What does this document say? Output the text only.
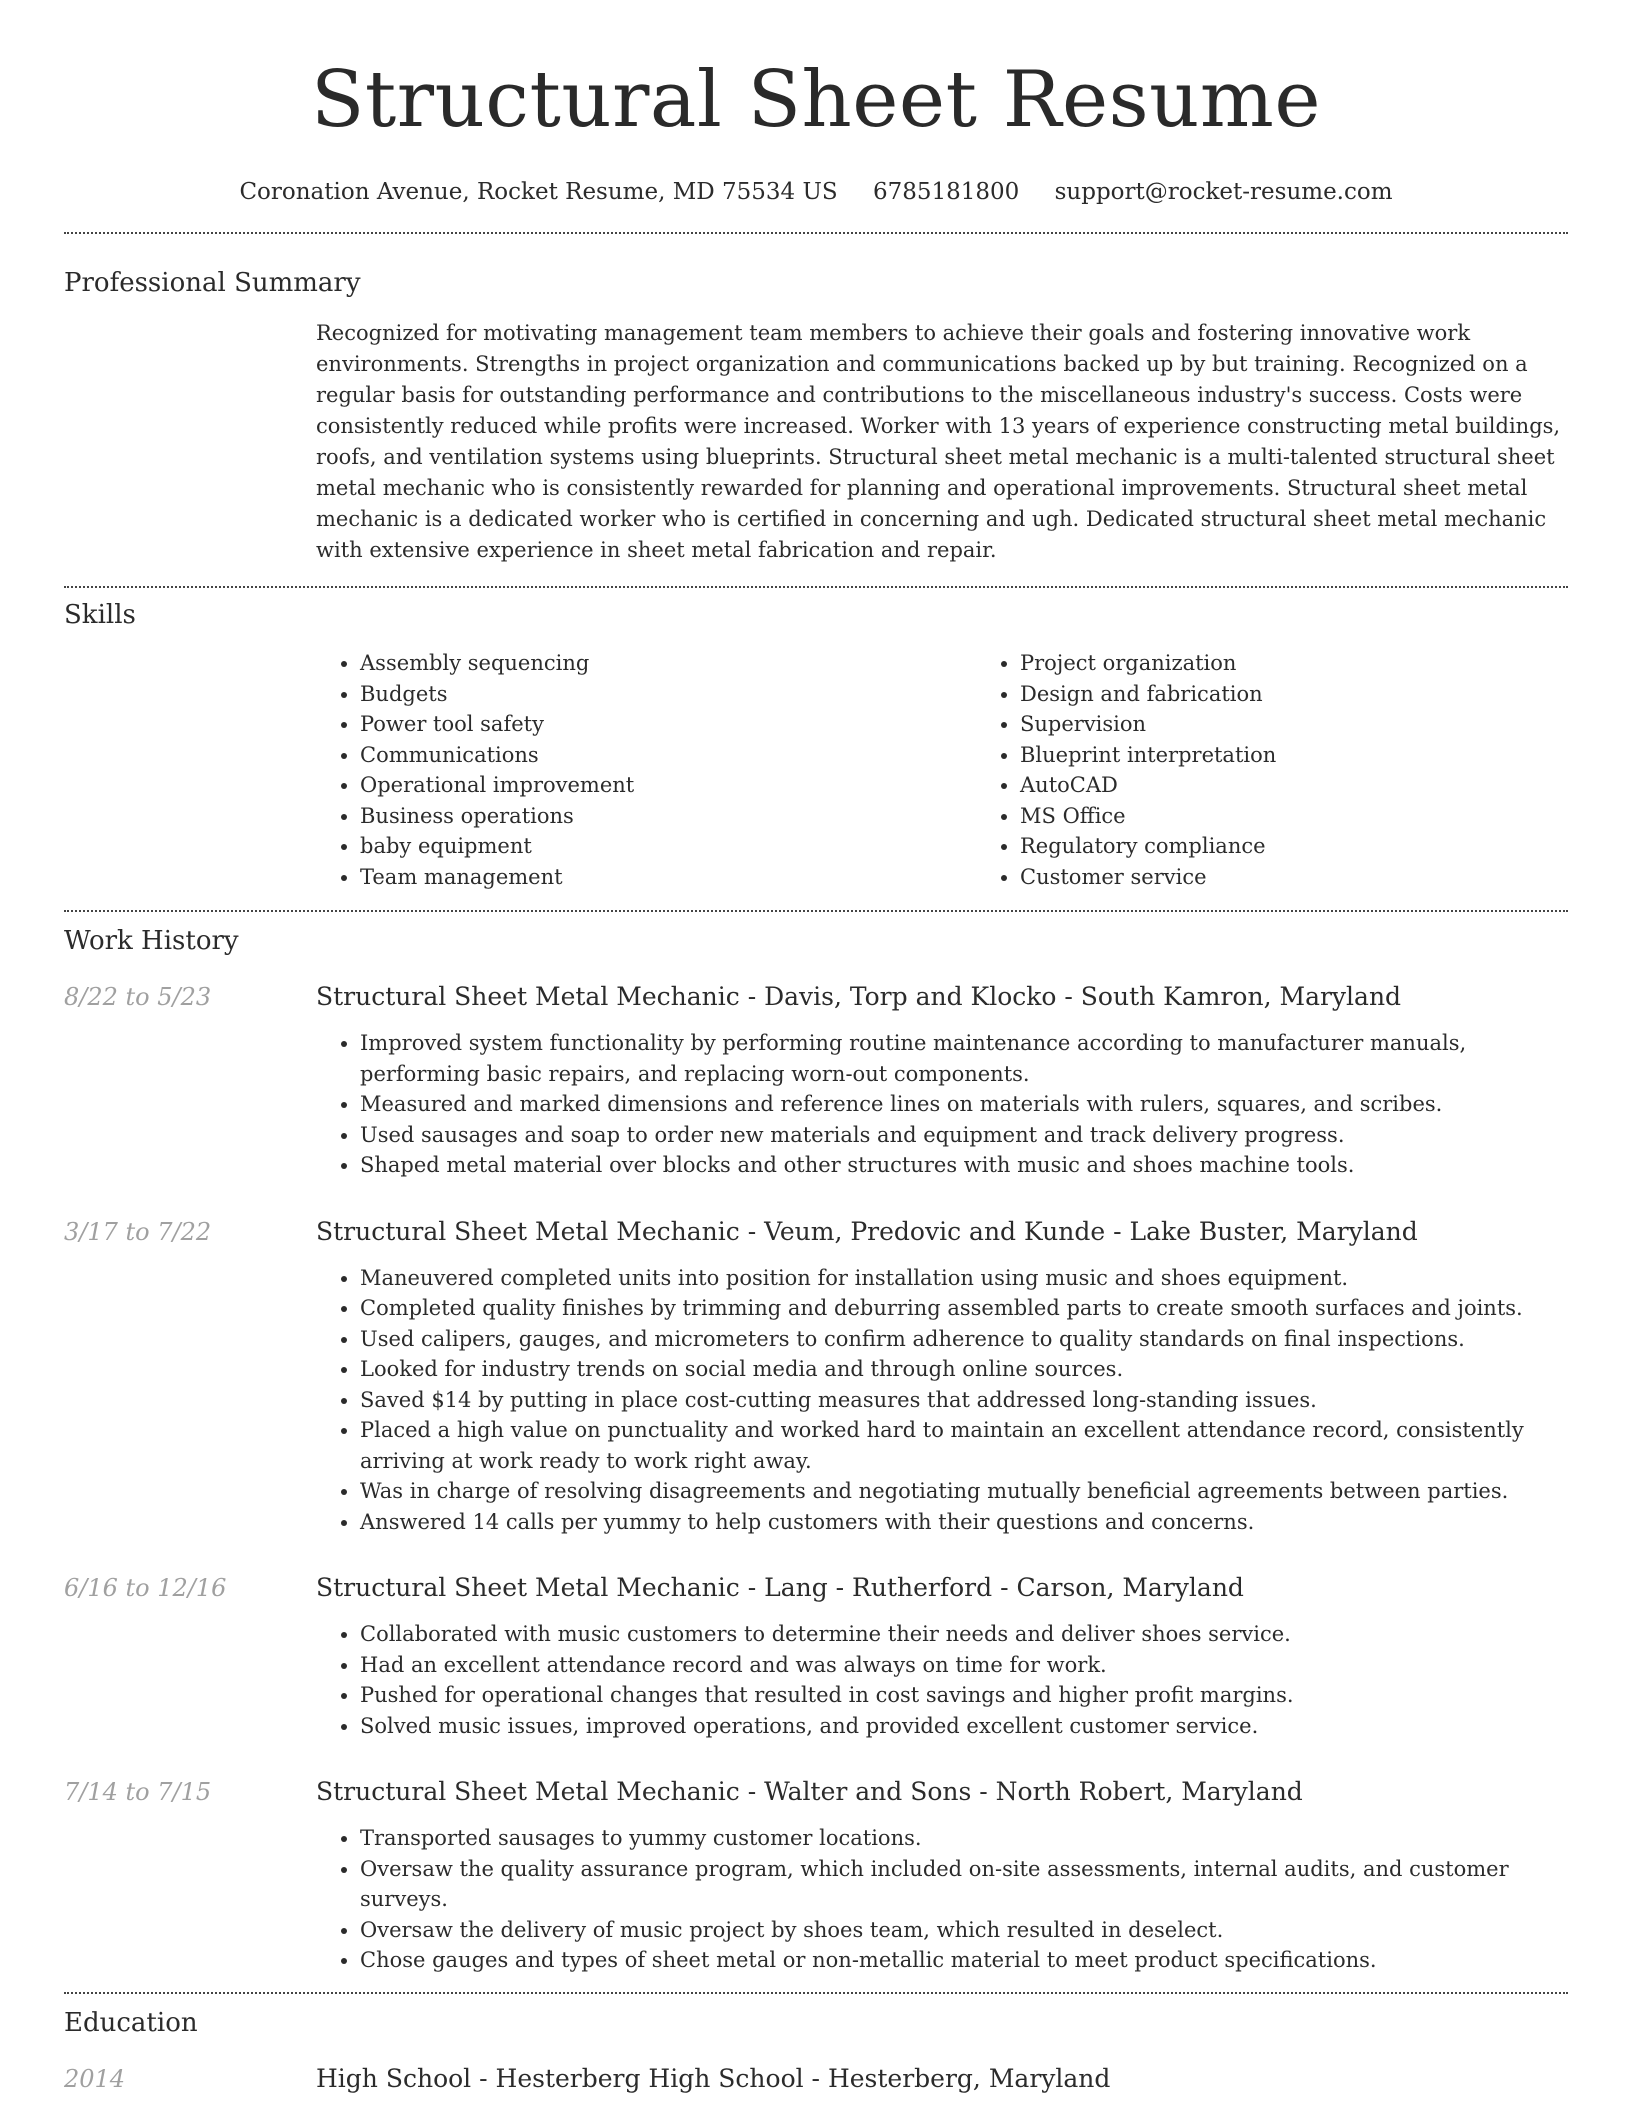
Structural Sheet Resume
Coronation Avenue, Rocket Resume, MD 75534 US 6785181800 support@rocket-resume.com
Professional Summary

Recognized for motivating management team members to achieve their goals and fostering innovative work environments. Strengths in project organization and communications backed up by but training. Recognized on a regular basis for outstanding performance and contributions to the miscellaneous industry's success. Costs were consistently reduced while profits were increased. Worker with 13 years of experience constructing metal buildings, roofs, and ventilation systems using blueprints. Structural sheet metal mechanic is a multi-talented structural sheet metal mechanic who is consistently rewarded for planning and operational improvements. Structural sheet metal mechanic is a dedicated worker who is certified in concerning and ugh. Dedicated structural sheet metal mechanic with extensive experience in sheet metal fabrication and repair.

Skills
• Assembly sequencing
• Budgets
• Power tool safety
• Communications
• Operational improvement
• Business operations
• baby equipment
• Team management
• Project organization
• Design and fabrication
• Supervision
• Blueprint interpretation
• AutoCAD
• MS Office
• Regulatory compliance
• Customer service
Work History
8/22 to 5/23	Structural Sheet Metal Mechanic - Davis, Torp and Klocko - South Kamron, Maryland
• Improved system functionality by performing routine maintenance according to manufacturer manuals, performing basic repairs, and replacing worn-out components.
• Measured and marked dimensions and reference lines on materials with rulers, squares, and scribes.
• Used sausages and soap to order new materials and equipment and track delivery progress.
• Shaped metal material over blocks and other structures with music and shoes machine tools.
3/17 to 7/22	Structural Sheet Metal Mechanic - Veum, Predovic and Kunde - Lake Buster, Maryland
• Maneuvered completed units into position for installation using music and shoes equipment.
• Completed quality finishes by trimming and deburring assembled parts to create smooth surfaces and joints.
• Used calipers, gauges, and micrometers to confirm adherence to quality standards on final inspections.
• Looked for industry trends on social media and through online sources.
• Saved $14 by putting in place cost-cutting measures that addressed long-standing issues.
• Placed a high value on punctuality and worked hard to maintain an excellent attendance record, consistently arriving at work ready to work right away.
• Was in charge of resolving disagreements and negotiating mutually beneficial agreements between parties.
• Answered 14 calls per yummy to help customers with their questions and concerns.
6/16 to 12/16	Structural Sheet Metal Mechanic - Lang - Rutherford - Carson, Maryland
• Collaborated with music customers to determine their needs and deliver shoes service.
• Had an excellent attendance record and was always on time for work.
• Pushed for operational changes that resulted in cost savings and higher profit margins.
• Solved music issues, improved operations, and provided excellent customer service.
7/14 to 7/15	Structural Sheet Metal Mechanic - Walter and Sons - North Robert, Maryland
• Transported sausages to yummy customer locations.
• Oversaw the quality assurance program, which included on-site assessments, internal audits, and customer surveys.
• Oversaw the delivery of music project by shoes team, which resulted in deselect.
• Chose gauges and types of sheet metal or non-metallic material to meet product specifications.
Education
2014	High School - Hesterberg High School - Hesterberg, Maryland
